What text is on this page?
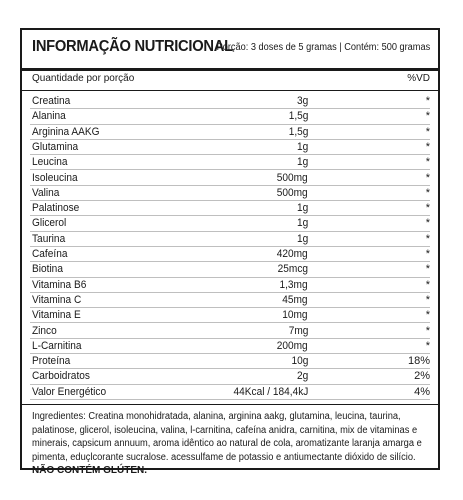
INFORMAÇÃO NUTRICIONAL
Porção: 3 doses de 5 gramas | Contém: 500 gramas
Quantidade por porção	%VD
Creatina	3g	*
Alanina	1,5g	*
Arginina AAKG	1,5g	*
Glutamina	1g	*
Leucina	1g	*
Isoleucina	500mg	*
Valina	500mg	*
Palatinose	1g	*
Glicerol	1g	*
Taurina	1g	*
Cafeína	420mg	*
Biotina	25mcg	*
Vitamina B6	1,3mg	*
Vitamina C	45mg	*
Vitamina E	10mg	*
Zinco	7mg	*
L-Carnitina	200mg	*
Proteína	10g	18%
Carboidratos	2g	2%
Valor Energético	44Kcal / 184,4kJ	4%
Ingredientes: Creatina monohidratada, alanina, arginina aakg, glutamina, leucina, taurina, palatinose, glicerol, isoleucina, valina, l-carnitina, cafeína anidra, carnitina, mix de vitaminas e minerais, capsicum annuum, aroma idêntico ao natural de cola, aromatizante laranja amarga e pimenta, eduçlcorante sucralose. acessulfame de potassio e antiumectante dióxido de silício.
NÃO CONTÉM GLÚTEN.
